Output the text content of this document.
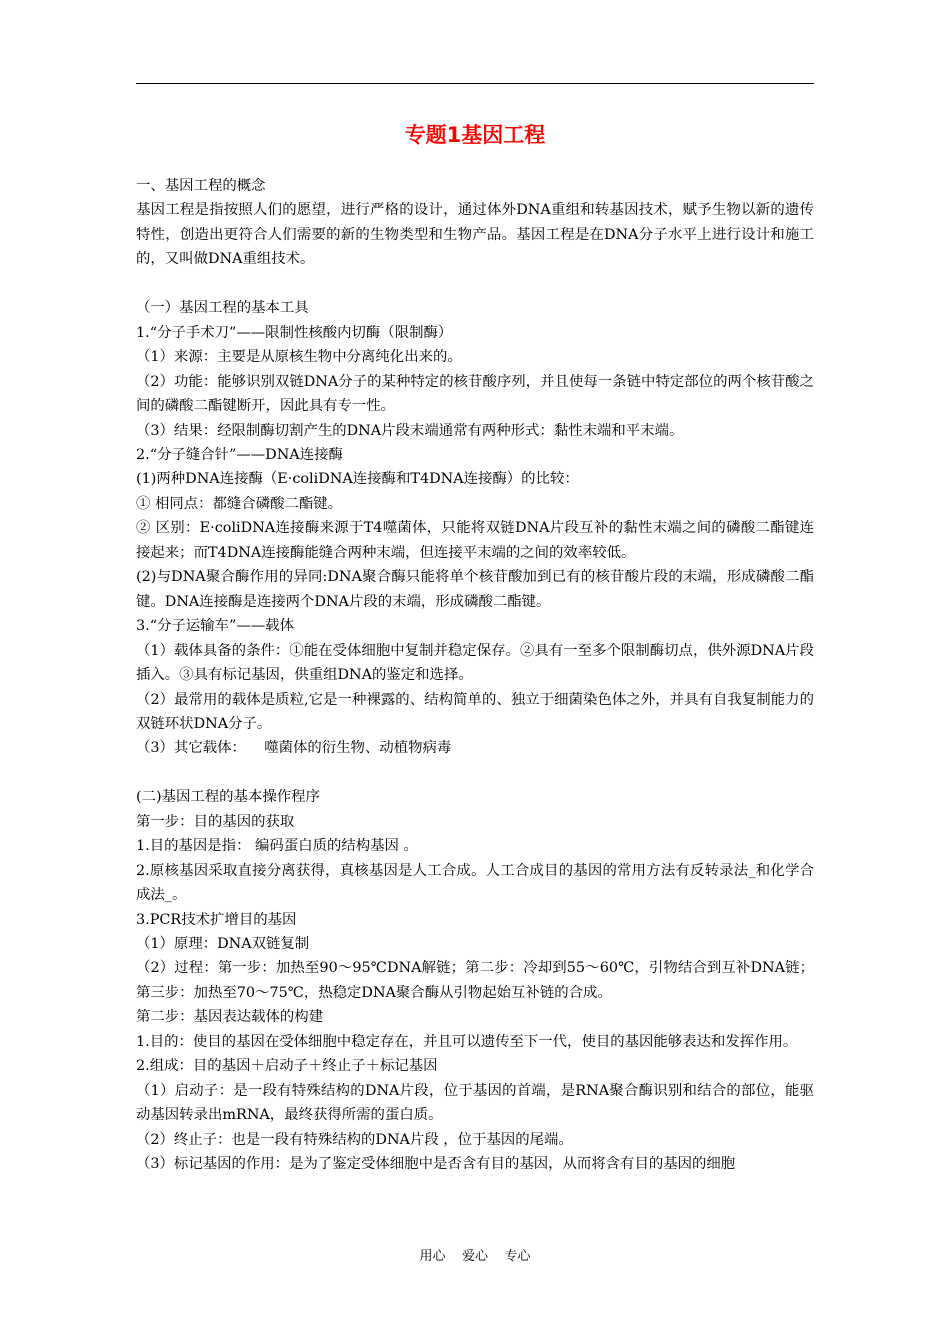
专题1基因工程

一、基因工程的概念

基因工程是指按照人们的愿望，进行严格的设计，通过体外DNA重组和转基因技术，赋予生物以新的遗传特性，创造出更符合人们需要的新的生物类型和生物产品。基因工程是在DNA分子水平上进行设计和施工的，又叫做DNA重组技术。

（一）基因工程的基本工具

1.“分子手术刀”——限制性核酸内切酶（限制酶）

（1）来源：主要是从原核生物中分离纯化出来的。

（2）功能：能够识别双链DNA分子的某种特定的核苷酸序列，并且使每一条链中特定部位的两个核苷酸之间的磷酸二酯键断开，因此具有专一性。

（3）结果：经限制酶切割产生的DNA片段末端通常有两种形式：黏性末端和平末端。

2.“分子缝合针”——DNA连接酶

(1)两种DNA连接酶（E·coliDNA连接酶和T4DNA连接酶）的比较：

① 相同点：都缝合磷酸二酯键。

② 区别：E·coliDNA连接酶来源于T4噬菌体，只能将双链DNA片段互补的黏性末端之间的磷酸二酯键连接起来；而T4DNA连接酶能缝合两种末端，但连接平末端的之间的效率较低。

(2)与DNA聚合酶作用的异同:DNA聚合酶只能将单个核苷酸加到已有的核苷酸片段的末端，形成磷酸二酯键。DNA连接酶是连接两个DNA片段的末端，形成磷酸二酯键。

3.“分子运输车”——载体

（1）载体具备的条件：①能在受体细胞中复制并稳定保存。②具有一至多个限制酶切点，供外源DNA片段插入。③具有标记基因，供重组DNA的鉴定和选择。

（2）最常用的载体是质粒,它是一种裸露的、结构简单的、独立于细菌染色体之外，并具有自我复制能力的双链环状DNA分子。

（3）其它载体：    噬菌体的衍生物、动植物病毒

(二)基因工程的基本操作程序

第一步：目的基因的获取

1.目的基因是指： 编码蛋白质的结构基因 。

2.原核基因采取直接分离获得，真核基因是人工合成。人工合成目的基因的常用方法有反转录法_和化学合成法_。

3.PCR技术扩增目的基因

（1）原理：DNA双链复制

（2）过程：第一步：加热至90～95℃DNA解链；第二步：冷却到55～60℃，引物结合到互补DNA链；第三步：加热至70～75℃，热稳定DNA聚合酶从引物起始互补链的合成。

第二步：基因表达载体的构建

1.目的：使目的基因在受体细胞中稳定存在，并且可以遗传至下一代，使目的基因能够表达和发挥作用。

2.组成：目的基因＋启动子＋终止子＋标记基因

（1）启动子：是一段有特殊结构的DNA片段，位于基因的首端，是RNA聚合酶识别和结合的部位，能驱动基因转录出mRNA，最终获得所需的蛋白质。

（2）终止子：也是一段有特殊结构的DNA片段 ，位于基因的尾端。

（3）标记基因的作用：是为了鉴定受体细胞中是否含有目的基因，从而将含有目的基因的细胞

用心    爱心    专心
